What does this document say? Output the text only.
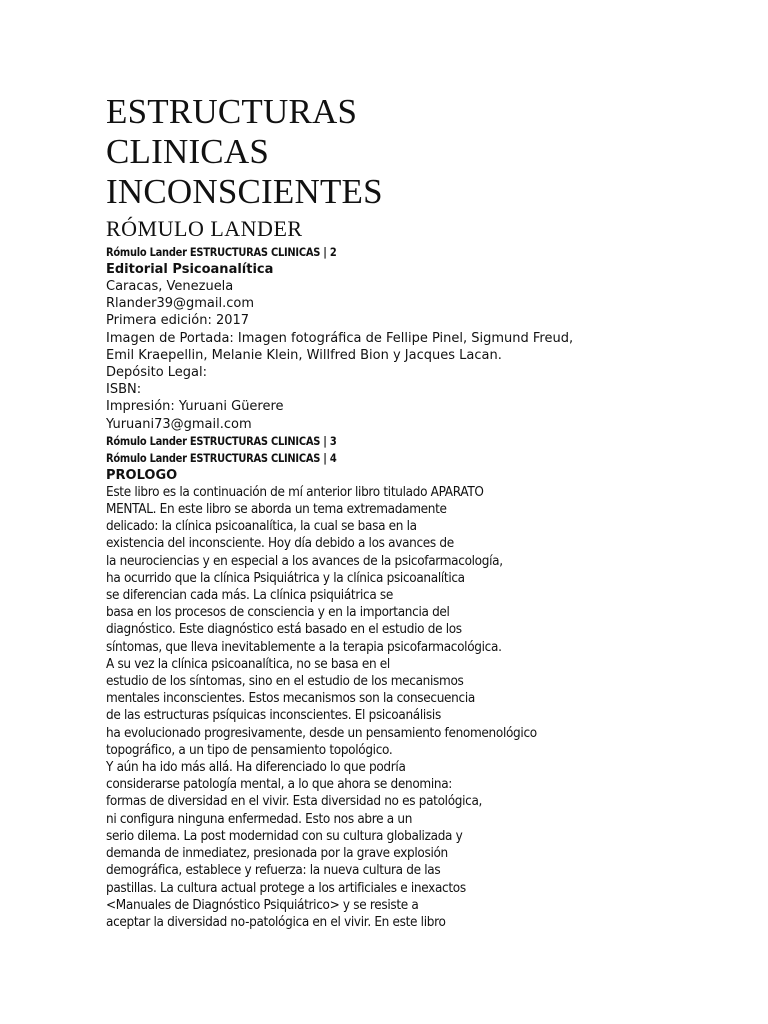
ESTRUCTURAS
CLINICAS
INCONSCIENTES
RÓMULO LANDER
Rómulo Lander ESTRUCTURAS CLINICAS | 2
Editorial Psicoanalítica
Caracas, Venezuela
Rlander39@gmail.com
Primera edición: 2017
Imagen de Portada: Imagen fotográfica de Fellipe Pinel, Sigmund Freud,
Emil Kraepellin, Melanie Klein, Willfred Bion y Jacques Lacan.
Depósito Legal:
ISBN:
Impresión: Yuruani Güerere
Yuruani73@gmail.com
Rómulo Lander ESTRUCTURAS CLINICAS | 3
Rómulo Lander ESTRUCTURAS CLINICAS | 4
PROLOGO
Este libro es la continuación de mí anterior libro titulado APARATO
MENTAL. En este libro se aborda un tema extremadamente
delicado: la clínica psicoanalítica, la cual se basa en la
existencia del inconsciente. Hoy día debido a los avances de
la neurociencias y en especial a los avances de la psicofarmacología,
ha ocurrido que la clínica Psiquiátrica y la clínica psicoanalítica
se diferencian cada más. La clínica psiquiátrica se
basa en los procesos de consciencia y en la importancia del
diagnóstico. Este diagnóstico está basado en el estudio de los
síntomas, que lleva inevitablemente a la terapia psicofarmacológica.
A su vez la clínica psicoanalítica, no se basa en el
estudio de los síntomas, sino en el estudio de los mecanismos
mentales inconscientes. Estos mecanismos son la consecuencia
de las estructuras psíquicas inconscientes. El psicoanálisis
ha evolucionado progresivamente, desde un pensamiento fenomenológico
topográfico, a un tipo de pensamiento topológico.
Y aún ha ido más allá. Ha diferenciado lo que podría
considerarse patología mental, a lo que ahora se denomina:
formas de diversidad en el vivir. Esta diversidad no es patológica,
ni configura ninguna enfermedad. Esto nos abre a un
serio dilema. La post modernidad con su cultura globalizada y
demanda de inmediatez, presionada por la grave explosión
demográfica, establece y refuerza: la nueva cultura de las
pastillas. La cultura actual protege a los artificiales e inexactos
<Manuales de Diagnóstico Psiquiátrico> y se resiste a
aceptar la diversidad no-patológica en el vivir. En este libro
